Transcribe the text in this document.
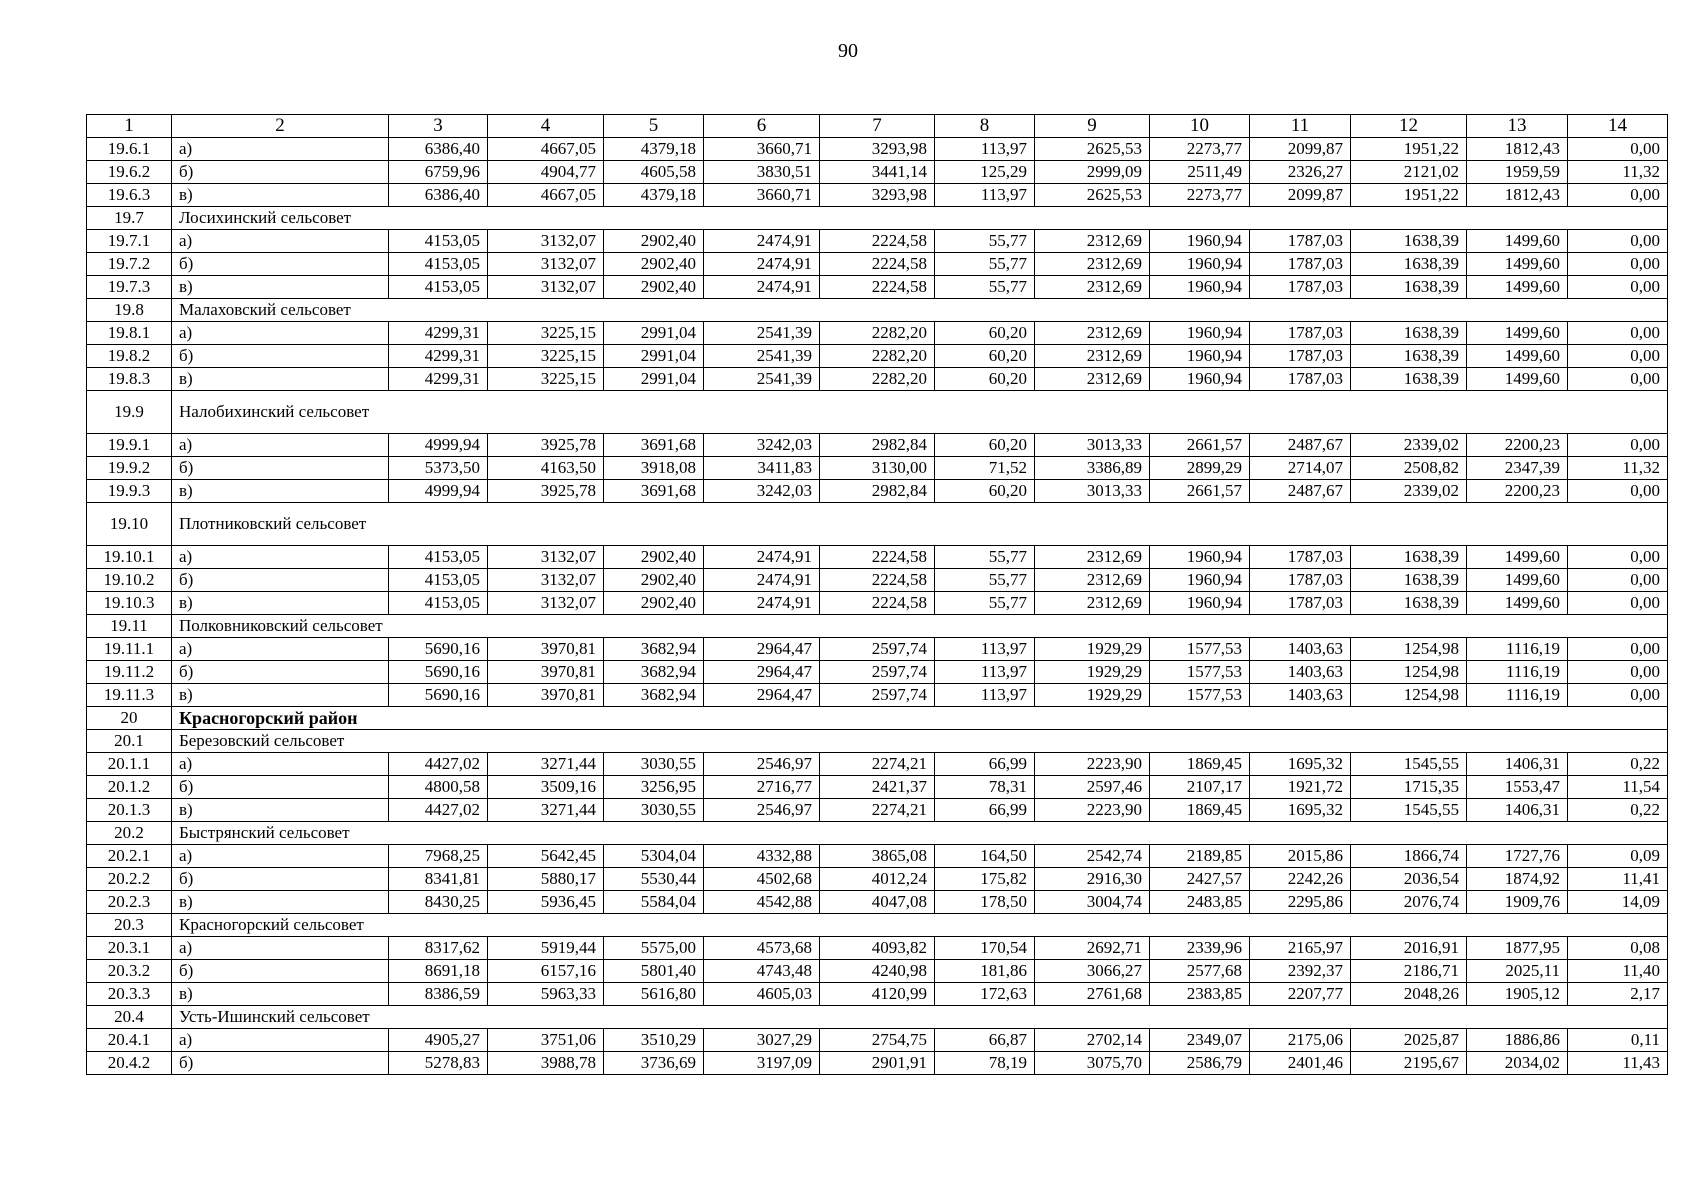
90
1	2	3	4	5	6	7	8	9	10	11	12	13	14
19.6.1	а)	6386,40	4667,05	4379,18	3660,71	3293,98	113,97	2625,53	2273,77	2099,87	1951,22	1812,43	0,00
19.6.2	б)	6759,96	4904,77	4605,58	3830,51	3441,14	125,29	2999,09	2511,49	2326,27	2121,02	1959,59	11,32
19.6.3	в)	6386,40	4667,05	4379,18	3660,71	3293,98	113,97	2625,53	2273,77	2099,87	1951,22	1812,43	0,00
19.7	Лосихинский сельсовет												
19.7.1	а)	4153,05	3132,07	2902,40	2474,91	2224,58	55,77	2312,69	1960,94	1787,03	1638,39	1499,60	0,00
19.7.2	б)	4153,05	3132,07	2902,40	2474,91	2224,58	55,77	2312,69	1960,94	1787,03	1638,39	1499,60	0,00
19.7.3	в)	4153,05	3132,07	2902,40	2474,91	2224,58	55,77	2312,69	1960,94	1787,03	1638,39	1499,60	0,00
19.8	Малаховский сельсовет												
19.8.1	а)	4299,31	3225,15	2991,04	2541,39	2282,20	60,20	2312,69	1960,94	1787,03	1638,39	1499,60	0,00
19.8.2	б)	4299,31	3225,15	2991,04	2541,39	2282,20	60,20	2312,69	1960,94	1787,03	1638,39	1499,60	0,00
19.8.3	в)	4299,31	3225,15	2991,04	2541,39	2282,20	60,20	2312,69	1960,94	1787,03	1638,39	1499,60	0,00
19.9	Налобихинский сельсовет												
19.9.1	а)	4999,94	3925,78	3691,68	3242,03	2982,84	60,20	3013,33	2661,57	2487,67	2339,02	2200,23	0,00
19.9.2	б)	5373,50	4163,50	3918,08	3411,83	3130,00	71,52	3386,89	2899,29	2714,07	2508,82	2347,39	11,32
19.9.3	в)	4999,94	3925,78	3691,68	3242,03	2982,84	60,20	3013,33	2661,57	2487,67	2339,02	2200,23	0,00
19.10	Плотниковский сельсовет												
19.10.1	а)	4153,05	3132,07	2902,40	2474,91	2224,58	55,77	2312,69	1960,94	1787,03	1638,39	1499,60	0,00
19.10.2	б)	4153,05	3132,07	2902,40	2474,91	2224,58	55,77	2312,69	1960,94	1787,03	1638,39	1499,60	0,00
19.10.3	в)	4153,05	3132,07	2902,40	2474,91	2224,58	55,77	2312,69	1960,94	1787,03	1638,39	1499,60	0,00
19.11	Полковниковский сельсовет												
19.11.1	а)	5690,16	3970,81	3682,94	2964,47	2597,74	113,97	1929,29	1577,53	1403,63	1254,98	1116,19	0,00
19.11.2	б)	5690,16	3970,81	3682,94	2964,47	2597,74	113,97	1929,29	1577,53	1403,63	1254,98	1116,19	0,00
19.11.3	в)	5690,16	3970,81	3682,94	2964,47	2597,74	113,97	1929,29	1577,53	1403,63	1254,98	1116,19	0,00
20	Красногорский район												
20.1	Березовский сельсовет												
20.1.1	а)	4427,02	3271,44	3030,55	2546,97	2274,21	66,99	2223,90	1869,45	1695,32	1545,55	1406,31	0,22
20.1.2	б)	4800,58	3509,16	3256,95	2716,77	2421,37	78,31	2597,46	2107,17	1921,72	1715,35	1553,47	11,54
20.1.3	в)	4427,02	3271,44	3030,55	2546,97	2274,21	66,99	2223,90	1869,45	1695,32	1545,55	1406,31	0,22
20.2	Быстрянский сельсовет												
20.2.1	а)	7968,25	5642,45	5304,04	4332,88	3865,08	164,50	2542,74	2189,85	2015,86	1866,74	1727,76	0,09
20.2.2	б)	8341,81	5880,17	5530,44	4502,68	4012,24	175,82	2916,30	2427,57	2242,26	2036,54	1874,92	11,41
20.2.3	в)	8430,25	5936,45	5584,04	4542,88	4047,08	178,50	3004,74	2483,85	2295,86	2076,74	1909,76	14,09
20.3	Красногорский сельсовет												
20.3.1	а)	8317,62	5919,44	5575,00	4573,68	4093,82	170,54	2692,71	2339,96	2165,97	2016,91	1877,95	0,08
20.3.2	б)	8691,18	6157,16	5801,40	4743,48	4240,98	181,86	3066,27	2577,68	2392,37	2186,71	2025,11	11,40
20.3.3	в)	8386,59	5963,33	5616,80	4605,03	4120,99	172,63	2761,68	2383,85	2207,77	2048,26	1905,12	2,17
20.4	Усть-Ишинский сельсовет												
20.4.1	а)	4905,27	3751,06	3510,29	3027,29	2754,75	66,87	2702,14	2349,07	2175,06	2025,87	1886,86	0,11
20.4.2	б)	5278,83	3988,78	3736,69	3197,09	2901,91	78,19	3075,70	2586,79	2401,46	2195,67	2034,02	11,43
